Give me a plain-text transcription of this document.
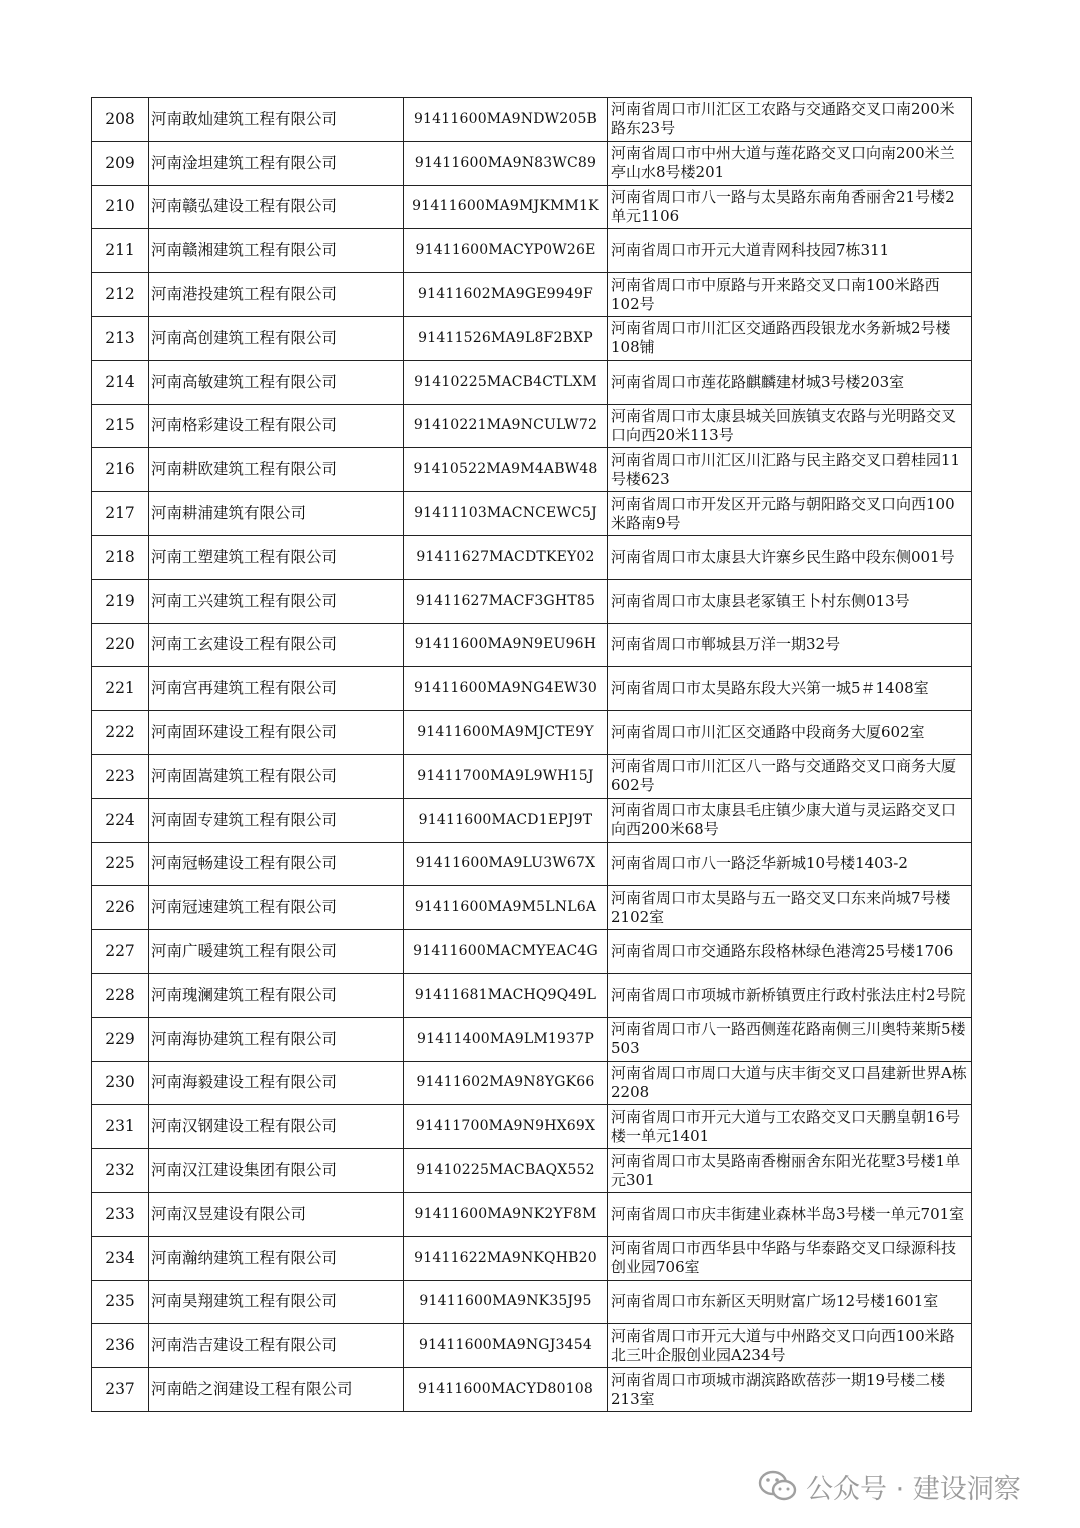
208	河南敢灿建筑工程有限公司	91411600MA9NDW205B	河南省周口市川汇区工农路与交通路交叉口南200米路东23号
209	河南淦坦建筑工程有限公司	91411600MA9N83WC89	河南省周口市中州大道与莲花路交叉口向南200米兰亭山水8号楼201
210	河南赣弘建设工程有限公司	91411600MA9MJKMM1K	河南省周口市八一路与太昊路东南角香丽舍21号楼2单元1106
211	河南赣湘建筑工程有限公司	91411600MACYP0W26E	河南省周口市开元大道青网科技园7栋311
212	河南港投建筑工程有限公司	91411602MA9GE9949F	河南省周口市中原路与开来路交叉口南100米路西102号
213	河南高创建筑工程有限公司	91411526MA9L8F2BXP	河南省周口市川汇区交通路西段银龙水务新城2号楼108铺
214	河南高敏建筑工程有限公司	91410225MACB4CTLXM	河南省周口市莲花路麒麟建材城3号楼203室
215	河南格彩建设工程有限公司	91410221MA9NCULW72	河南省周口市太康县城关回族镇支农路与光明路交叉口向西20米113号
216	河南耕欧建筑工程有限公司	91410522MA9M4ABW48	河南省周口市川汇区川汇路与民主路交叉口碧桂园11号楼623
217	河南耕浦建筑有限公司	91411103MACNCEWC5J	河南省周口市开发区开元路与朝阳路交叉口向西100米路南9号
218	河南工塑建筑工程有限公司	91411627MACDTKEY02	河南省周口市太康县大许寨乡民生路中段东侧001号
219	河南工兴建筑工程有限公司	91411627MACF3GHT85	河南省周口市太康县老冢镇王卜村东侧013号
220	河南工玄建设工程有限公司	91411600MA9N9EU96H	河南省周口市郸城县万洋一期32号
221	河南宫再建筑工程有限公司	91411600MA9NG4EW30	河南省周口市太昊路东段大兴第一城5＃1408室
222	河南固环建设工程有限公司	91411600MA9MJCTE9Y	河南省周口市川汇区交通路中段商务大厦602室
223	河南固嵩建筑工程有限公司	91411700MA9L9WH15J	河南省周口市川汇区八一路与交通路交叉口商务大厦602号
224	河南固专建筑工程有限公司	91411600MACD1EPJ9T	河南省周口市太康县毛庄镇少康大道与灵运路交叉口向西200米68号
225	河南冠畅建设工程有限公司	91411600MA9LU3W67X	河南省周口市八一路泛华新城10号楼1403-2
226	河南冠速建筑工程有限公司	91411600MA9M5LNL6A	河南省周口市太昊路与五一路交叉口东来尚城7号楼2102室
227	河南广暖建筑工程有限公司	91411600MACMYEAC4G	河南省周口市交通路东段格林绿色港湾25号楼1706
228	河南瑰澜建筑工程有限公司	91411681MACHQ9Q49L	河南省周口市项城市新桥镇贾庄行政村张法庄村2号院
229	河南海协建筑工程有限公司	91411400MA9LM1937P	河南省周口市八一路西侧莲花路南侧三川奥特莱斯5楼503
230	河南海毅建设工程有限公司	91411602MA9N8YGK66	河南省周口市周口大道与庆丰街交叉口昌建新世界A栋2208
231	河南汉钢建设工程有限公司	91411700MA9N9HX69X	河南省周口市开元大道与工农路交叉口天鹏皇朝16号楼一单元1401
232	河南汉江建设集团有限公司	91410225MACBAQX552	河南省周口市太昊路南香榭丽舍东阳光花墅3号楼1单元301
233	河南汉昱建设有限公司	91411600MA9NK2YF8M	河南省周口市庆丰街建业森林半岛3号楼一单元701室
234	河南瀚纳建筑工程有限公司	91411622MA9NKQHB20	河南省周口市西华县中华路与华泰路交叉口绿源科技创业园706室
235	河南昊翔建筑工程有限公司	91411600MA9NK35J95	河南省周口市东新区天明财富广场12号楼1601室
236	河南浩吉建设工程有限公司	91411600MA9NGJ3454	河南省周口市开元大道与中州路交叉口向西100米路北三叶企服创业园A234号
237	河南皓之润建设工程有限公司	91411600MACYD80108	河南省周口市项城市湖滨路欧蓓莎一期19号楼二楼213室
公众号 · 建设洞察
